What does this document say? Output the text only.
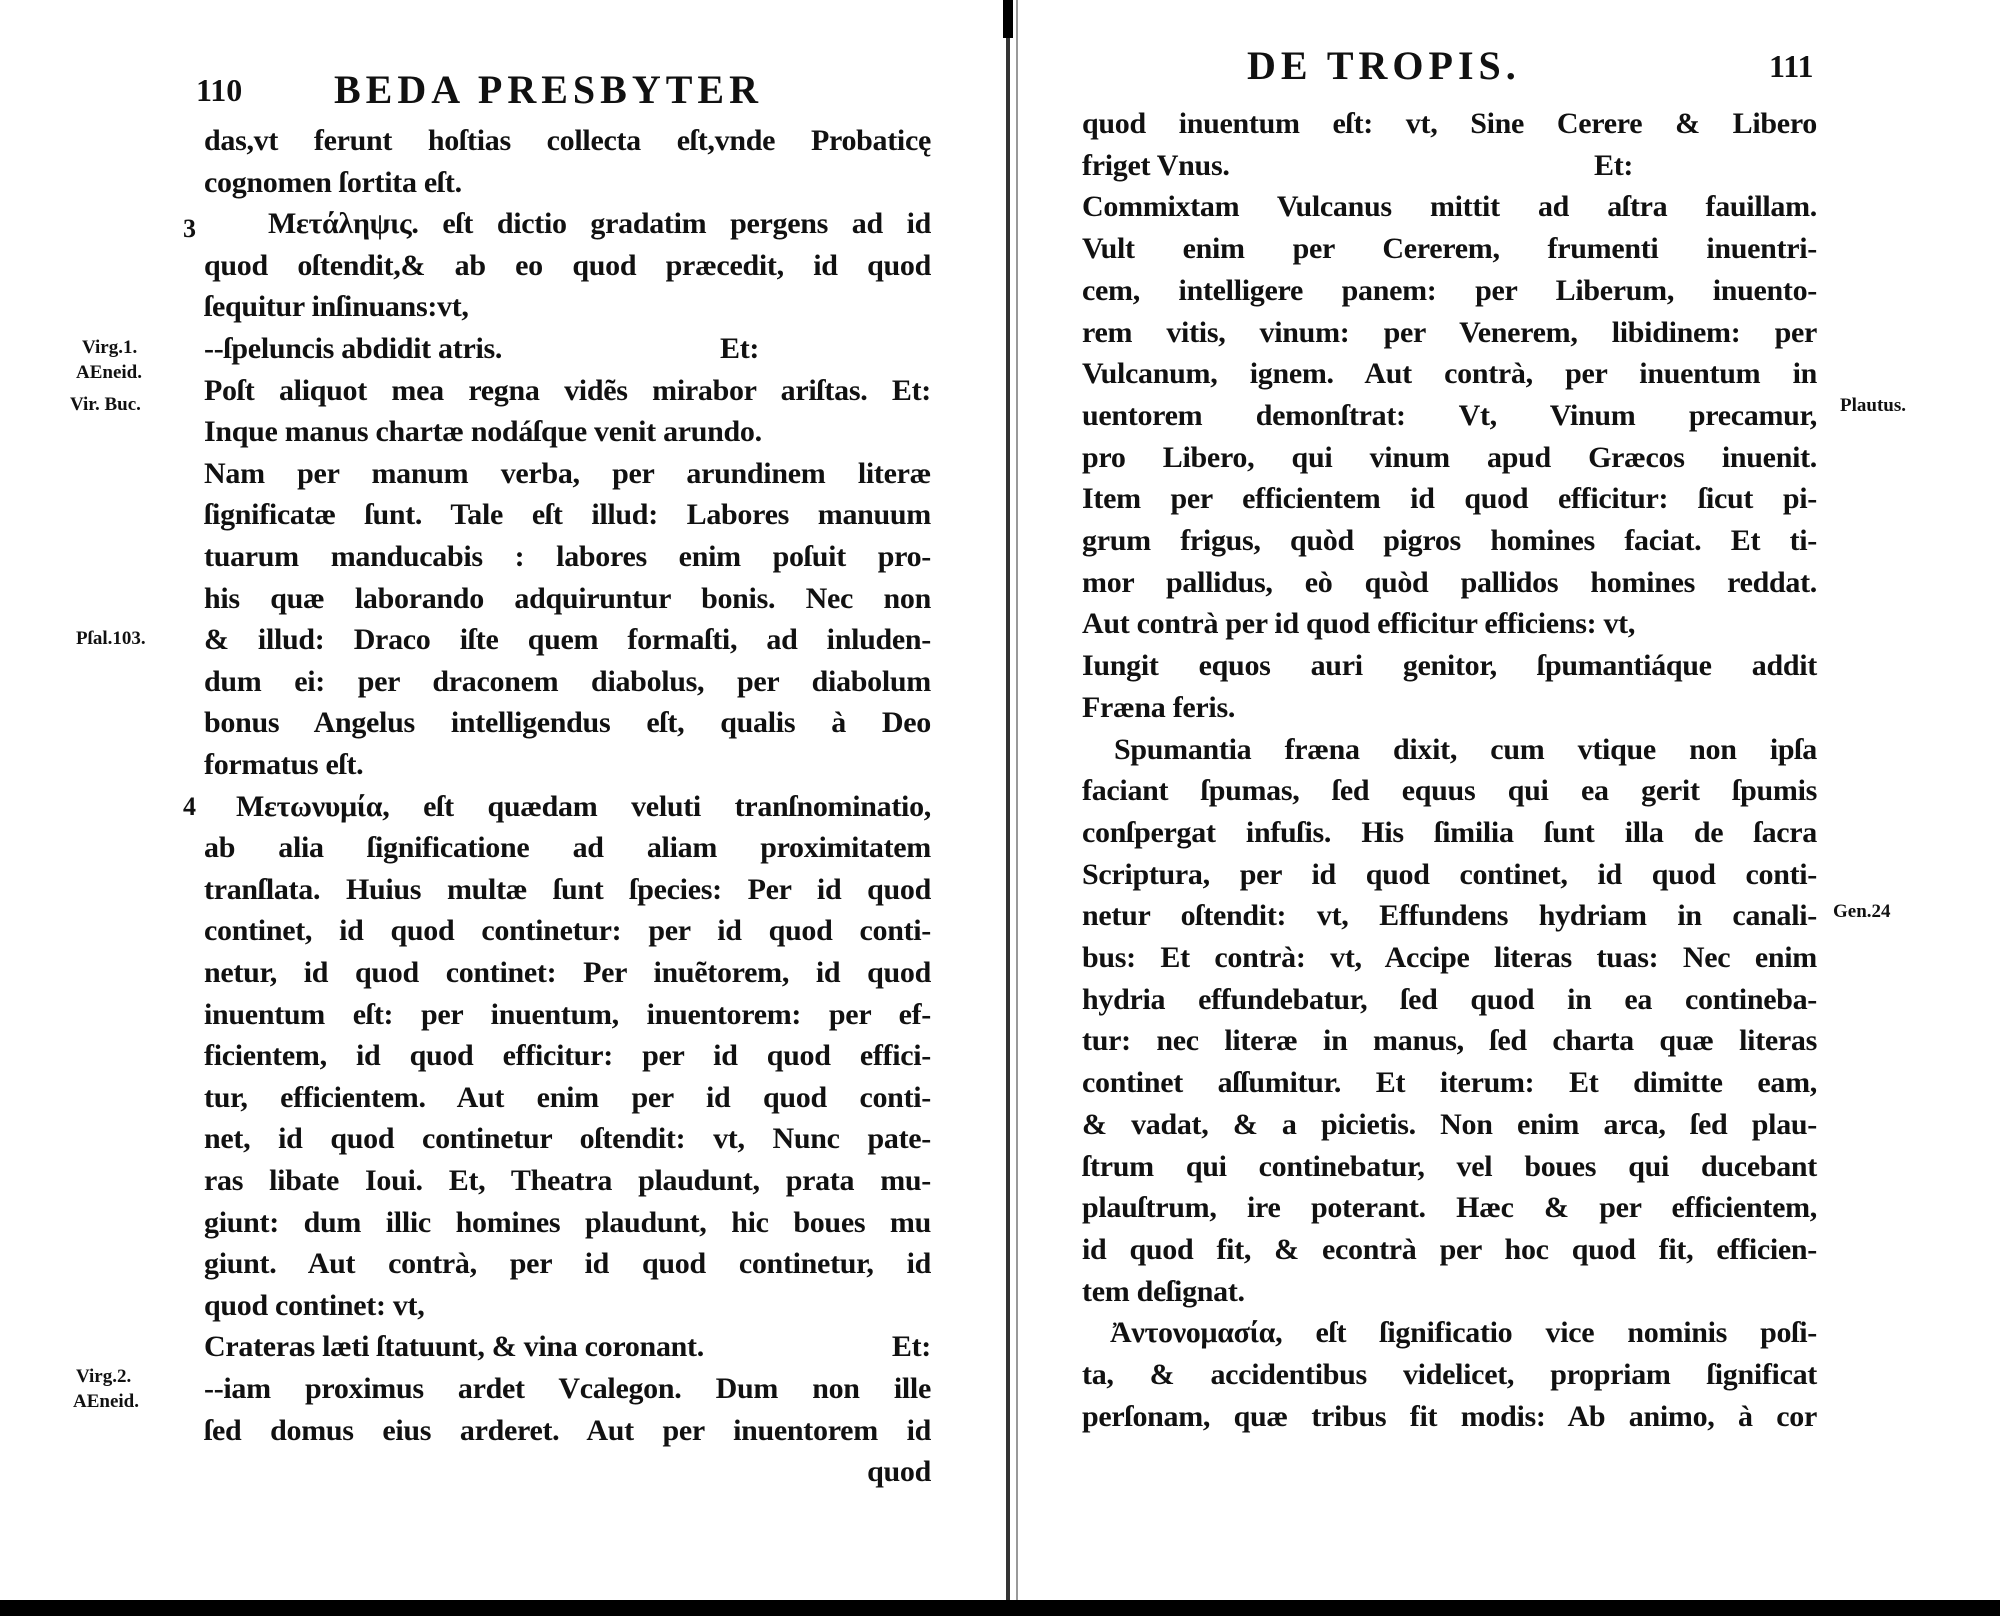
110 BEDA PRESBYTER
3
4
Virg.1.
AEneid.
Vir. Buc.
Pſal.103.
Virg.2.
AEneid.
das,vt ferunt hoſtias collecta eſt,vnde Probaticę
cognomen ſortita eſt.
Μετάληψις. eſt dictio gradatim pergens ad id
quod oſtendit,& ab eo quod præcedit, id quod
ſequitur inſinuans:vt,
--ſpeluncis abdidit atris.	Et:
Poſt aliquot mea regna vidẽs mirabor ariſtas. Et:
Inque manus chartæ nodáſque venit arundo.
Nam per manum verba, per arundinem literæ
ſignificatæ ſunt. Tale eſt illud: Labores manuum
tuarum manducabis : labores enim poſuit pro-
his quæ laborando adquiruntur bonis. Nec non
& illud: Draco iſte quem formaſti, ad inluden-
dum ei: per draconem diabolus, per diabolum
bonus Angelus intelligendus eſt, qualis à Deo
formatus eſt.
Μετωνυμία, eſt quædam veluti tranſnominatio,
ab alia ſignificatione ad aliam proximitatem
tranſlata. Huius multæ ſunt ſpecies: Per id quod
continet, id quod continetur: per id quod conti-
netur, id quod continet: Per inuẽtorem, id quod
inuentum eſt: per inuentum, inuentorem: per ef-
ficientem, id quod efficitur: per id quod effici-
tur, efficientem. Aut enim per id quod conti-
net, id quod continetur oſtendit: vt, Nunc pate-
ras libate Ioui. Et, Theatra plaudunt, prata mu-
giunt: dum illic homines plaudunt, hic boues mu
giunt. Aut contrà, per id quod continetur, id
quod continet: vt,
Crateras læti ſtatuunt, & vina coronant.	Et:
--iam proximus ardet Vcalegon. Dum non ille
ſed domus eius arderet. Aut per inuentorem id
quod
DE TROPIS.	111
Plautus.
Gen.24
quod inuentum eſt: vt, Sine Cerere & Libero
friget Vnus.	Et:
Commixtam Vulcanus mittit ad aſtra fauillam.
Vult enim per Cererem, frumenti inuentri-
cem, intelligere panem: per Liberum, inuento-
rem vitis, vinum: per Venerem, libidinem: per
Vulcanum, ignem. Aut contrà, per inuentum in
uentorem demonſtrat: Vt, Vinum precamur,
pro Libero, qui vinum apud Græcos inuenit.
Item per efficientem id quod efficitur: ſicut pi-
grum frigus, quòd pigros homines faciat. Et ti-
mor pallidus, eò quòd pallidos homines reddat.
Aut contrà per id quod efficitur efficiens: vt,
Iungit equos auri genitor, ſpumantiáque addit
Fræna feris.
Spumantia fræna dixit, cum vtique non ipſa
faciant ſpumas, ſed equus qui ea gerit ſpumis
conſpergat infuſis. His ſimilia ſunt illa de ſacra
Scriptura, per id quod continet, id quod conti-
netur oſtendit: vt, Effundens hydriam in canali-
bus: Et contrà: vt, Accipe literas tuas: Nec enim
hydria effundebatur, ſed quod in ea contineba-
tur: nec literæ in manus, ſed charta quæ literas
continet aſſumitur. Et iterum: Et dimitte eam,
& vadat, & a picietis. Non enim arca, ſed plau-
ſtrum qui continebatur, vel boues qui ducebant
plauſtrum, ire poterant. Hæc & per efficientem,
id quod fit, & econtrà per hoc quod fit, efficien-
tem deſignat.
Ἀντονομασία, eſt ſignificatio vice nominis poſi-
ta, & accidentibus videlicet, propriam ſignificat
perſonam, quæ tribus fit modis: Ab animo, à cor
